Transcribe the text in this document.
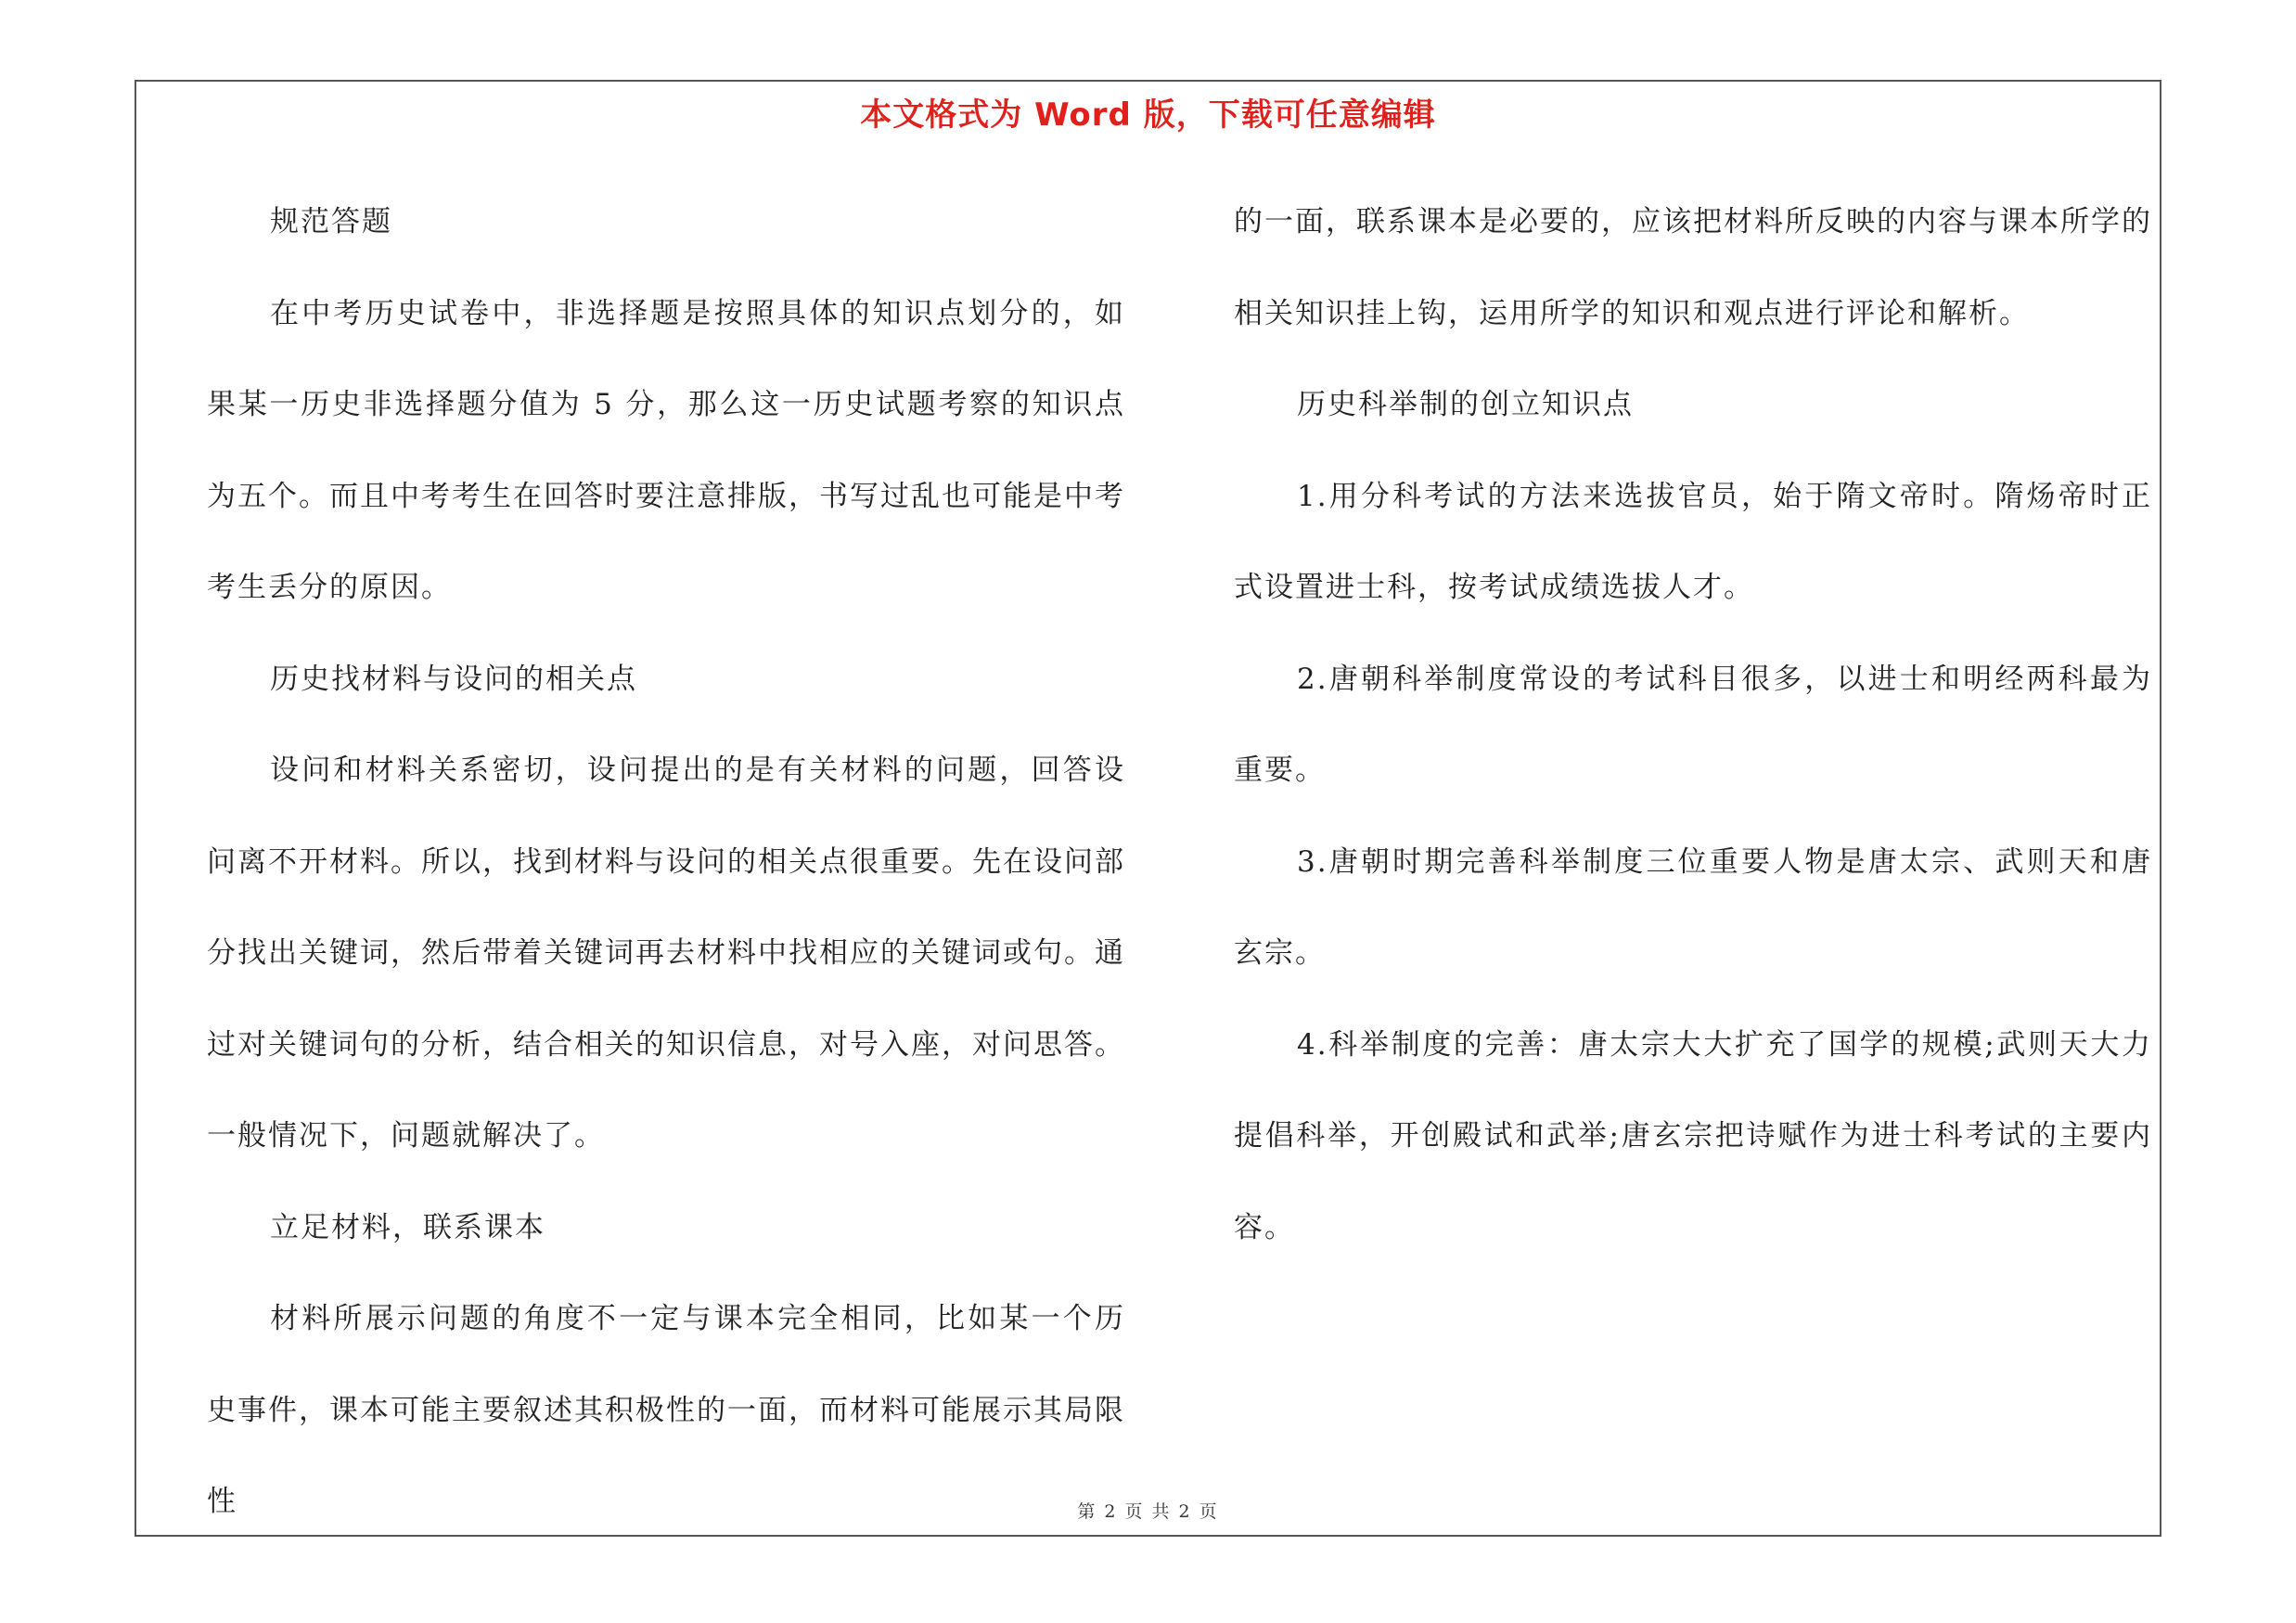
本文格式为 Word 版，下载可任意编辑

规范答题

在中考历史试卷中，非选择题是按照具体的知识点划分的，如果某一历史非选择题分值为 5 分，那么这一历史试题考察的知识点为五个。而且中考考生在回答时要注意排版，书写过乱也可能是中考考生丢分的原因。

历史找材料与设问的相关点

设问和材料关系密切，设问提出的是有关材料的问题，回答设问离不开材料。所以，找到材料与设问的相关点很重要。先在设问部分找出关键词，然后带着关键词再去材料中找相应的关键词或句。通过对关键词句的分析，结合相关的知识信息，对号入座，对问思答。一般情况下，问题就解决了。

立足材料，联系课本

材料所展示问题的角度不一定与课本完全相同，比如某一个历史事件，课本可能主要叙述其积极性的一面，而材料可能展示其局限性

的一面，联系课本是必要的，应该把材料所反映的内容与课本所学的相关知识挂上钩，运用所学的知识和观点进行评论和解析。

历史科举制的创立知识点

1.用分科考试的方法来选拔官员，始于隋文帝时。隋炀帝时正式设置进士科，按考试成绩选拔人才。

2.唐朝科举制度常设的考试科目很多，以进士和明经两科最为重要。

3.唐朝时期完善科举制度三位重要人物是唐太宗、武则天和唐玄宗。

4.科举制度的完善：唐太宗大大扩充了国学的规模;武则天大力提倡科举，开创殿试和武举;唐玄宗把诗赋作为进士科考试的主要内容。

第 2 页 共 2 页
